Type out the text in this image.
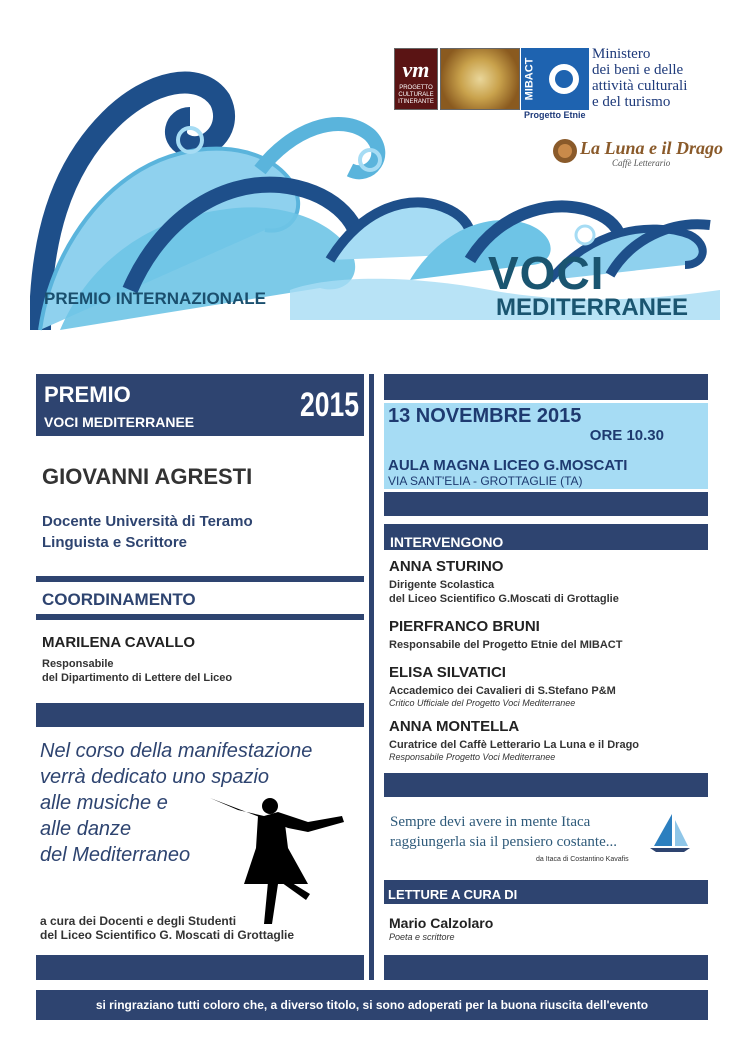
PREMIO INTERNAZIONALE	VOCI
MEDITERRANEE
vm
PROGETTO CULTURALE ITINERANTE
MIBACT
Progetto Etnie
Ministero
dei beni e delle
attività culturali
e del turismo
La Luna e il Drago
Caffè Letterario
PREMIO
VOCI MEDITERRANEE	2015
GIOVANNI AGRESTI
Docente Università di Teramo
Linguista e Scrittore
COORDINAMENTO
MARILENA CAVALLO
Responsabile
del Dipartimento di Lettere del Liceo
Nel corso della manifestazione
verrà dedicato uno spazio
alle musiche e
alle danze
del Mediterraneo
a cura dei Docenti e degli Studenti
del Liceo Scientifico G. Moscati di Grottaglie
13 NOVEMBRE 2015
ORE 10.30
AULA MAGNA LICEO G.MOSCATI
VIA SANT'ELIA - GROTTAGLIE (TA)
INTERVENGONO
ANNA STURINO
Dirigente Scolastica
del Liceo Scientifico G.Moscati di Grottaglie
PIERFRANCO BRUNI
Responsabile del Progetto Etnie del MIBACT
ELISA SILVATICI
Accademico dei Cavalieri di S.Stefano P&M
Critico Ufficiale del Progetto Voci Mediterranee
ANNA MONTELLA
Curatrice del Caffè Letterario La Luna e il Drago
Responsabile Progetto Voci Mediterranee
Sempre devi avere in mente Itaca
raggiungerla sia il pensiero costante...
da Itaca di Costantino Kavafis
LETTURE A CURA DI
Mario Calzolaro
Poeta e scrittore
si ringraziano tutti coloro che, a diverso titolo, si sono adoperati per la buona riuscita dell'evento
